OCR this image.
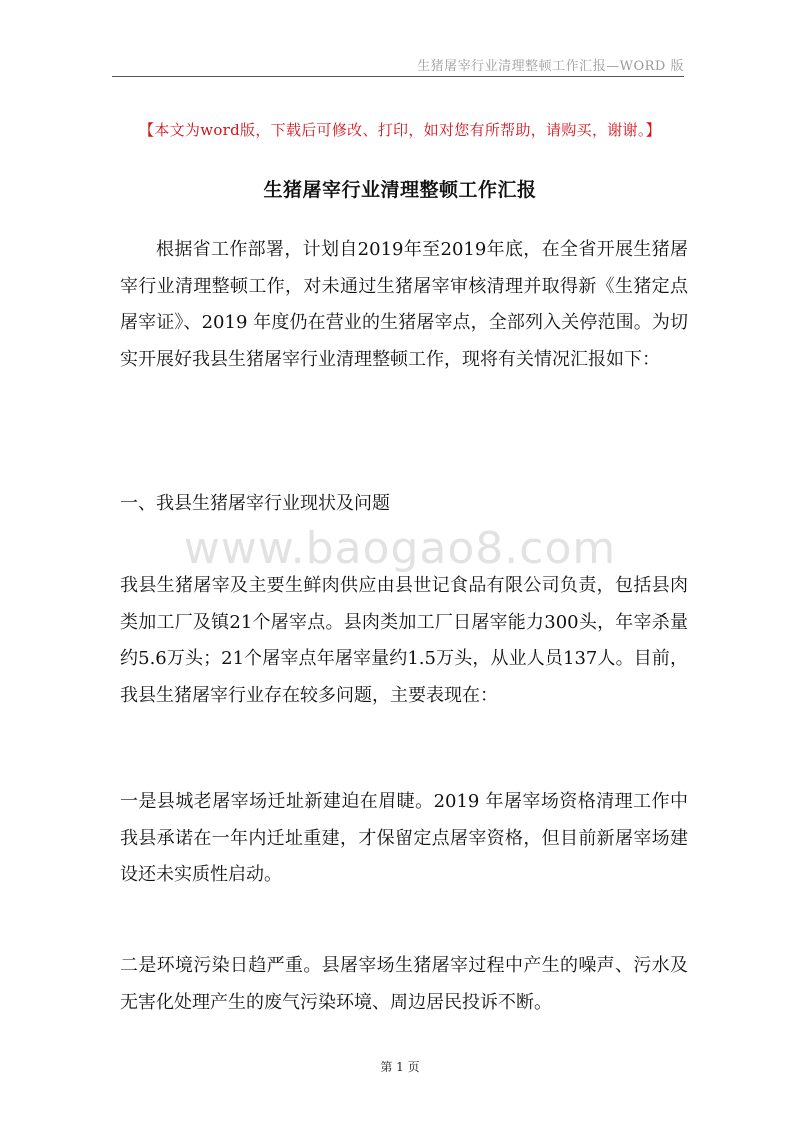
生猪屠宰行业清理整顿工作汇报—WORD 版
【本文为word版，下载后可修改、打印，如对您有所帮助，请购买，谢谢。】
生猪屠宰行业清理整顿工作汇报

根据省工作部署，计划自2019年至2019年底，在全省开展生猪屠宰行业清理整顿工作，对未通过生猪屠宰审核清理并取得新《生猪定点屠宰证》、2019 年度仍在营业的生猪屠宰点，全部列入关停范围。为切实开展好我县生猪屠宰行业清理整顿工作，现将有关情况汇报如下：

一、我县生猪屠宰行业现状及问题

www.baogao8.com

我县生猪屠宰及主要生鲜肉供应由县世记食品有限公司负责，包括县肉类加工厂及镇21个屠宰点。县肉类加工厂日屠宰能力300头，年宰杀量约5.6万头；21个屠宰点年屠宰量约1.5万头，从业人员137人。目前，我县生猪屠宰行业存在较多问题，主要表现在：

一是县城老屠宰场迁址新建迫在眉睫。2019 年屠宰场资格清理工作中我县承诺在一年内迁址重建，才保留定点屠宰资格，但目前新屠宰场建设还未实质性启动。

二是环境污染日趋严重。县屠宰场生猪屠宰过程中产生的噪声、污水及无害化处理产生的废气污染环境、周边居民投诉不断。

第 1 页
